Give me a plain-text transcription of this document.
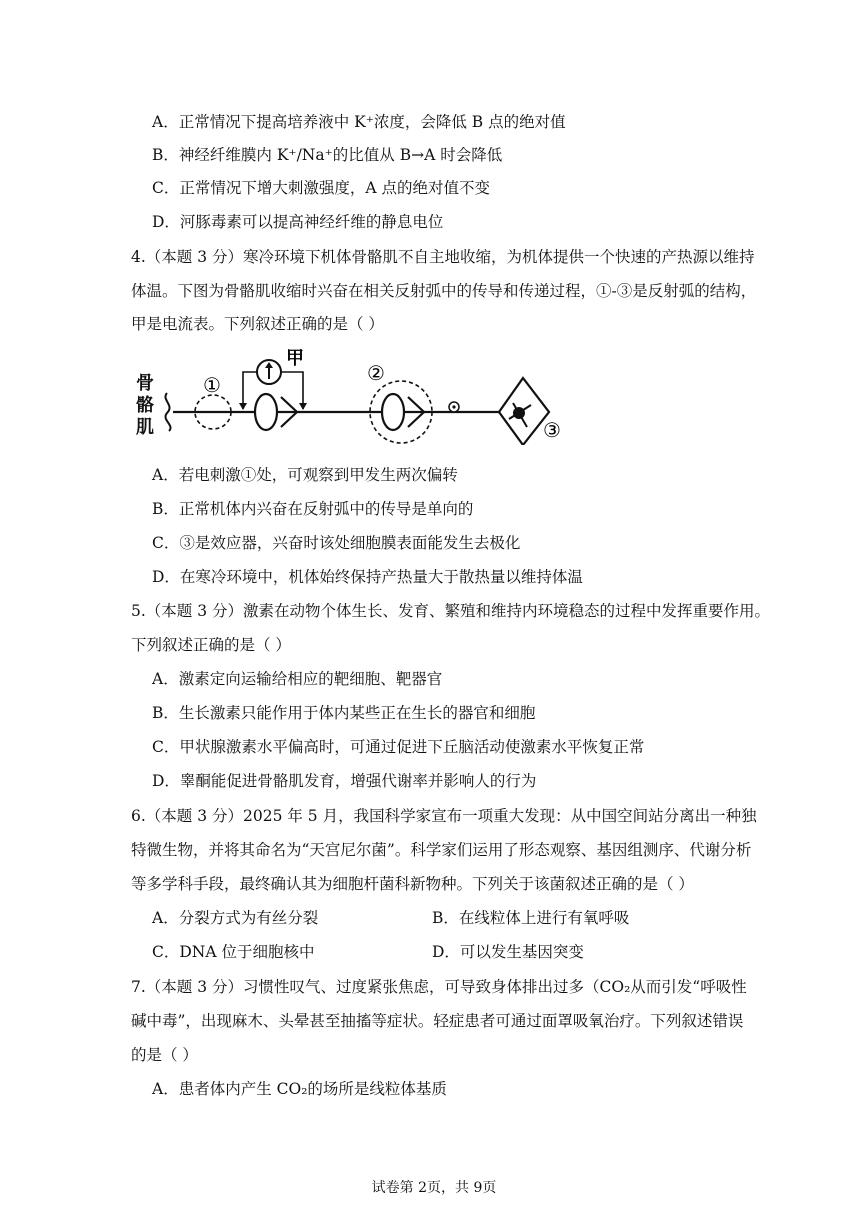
A．正常情况下提高培养液中 K⁺浓度，会降低 B 点的绝对值
B．神经纤维膜内 K⁺/Na⁺的比值从 B→A 时会降低
C．正常情况下增大刺激强度，A 点的绝对值不变
D．河豚毒素可以提高神经纤维的静息电位
4.（本题 3 分）寒冷环境下机体骨骼肌不自主地收缩，为机体提供一个快速的产热源以维持
体温。下图为骨骼肌收缩时兴奋在相关反射弧中的传导和传递过程，①-③是反射弧的结构，
甲是电流表。下列叙述正确的是（ ）
骨
骼
肌
①
甲
②
③
A．若电刺激①处，可观察到甲发生两次偏转
B．正常机体内兴奋在反射弧中的传导是单向的
C．③是效应器，兴奋时该处细胞膜表面能发生去极化
D．在寒冷环境中，机体始终保持产热量大于散热量以维持体温
5.（本题 3 分）激素在动物个体生长、发育、繁殖和维持内环境稳态的过程中发挥重要作用。
下列叙述正确的是（ ）
A．激素定向运输给相应的靶细胞、靶器官
B．生长激素只能作用于体内某些正在生长的器官和细胞
C．甲状腺激素水平偏高时，可通过促进下丘脑活动使激素水平恢复正常
D．睾酮能促进骨骼肌发育，增强代谢率并影响人的行为
6.（本题 3 分）2025 年 5 月，我国科学家宣布一项重大发现：从中国空间站分离出一种独
特微生物，并将其命名为“天宫尼尔菌”。科学家们运用了形态观察、基因组测序、代谢分析
等多学科手段，最终确认其为细胞杆菌科新物种。下列关于该菌叙述正确的是（ ）
A．分裂方式为有丝分裂	B．在线粒体上进行有氧呼吸
C．DNA 位于细胞核中	D．可以发生基因突变
7.（本题 3 分）习惯性叹气、过度紧张焦虑，可导致身体排出过多（CO₂从而引发“呼吸性
碱中毒”，出现麻木、头晕甚至抽搐等症状。轻症患者可通过面罩吸氧治疗。下列叙述错误
的是（ ）
A．患者体内产生 CO₂的场所是线粒体基质
试卷第 2页，共 9页
